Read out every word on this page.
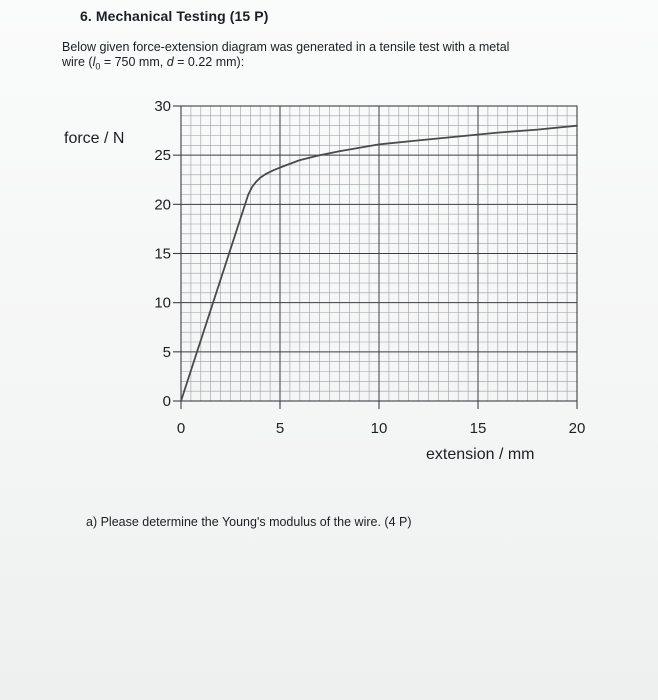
6. Mechanical Testing (15 P)
Below given force-extension diagram was generated in a tensile test with a metal
wire ($l_0 = 750$ mm, d = 0.22 mm):
force / N
extension / mm
0
5
10
15
20
25
30
0	5	10	15	20
a) Please determine the Young's modulus of the wire. (4 P)
